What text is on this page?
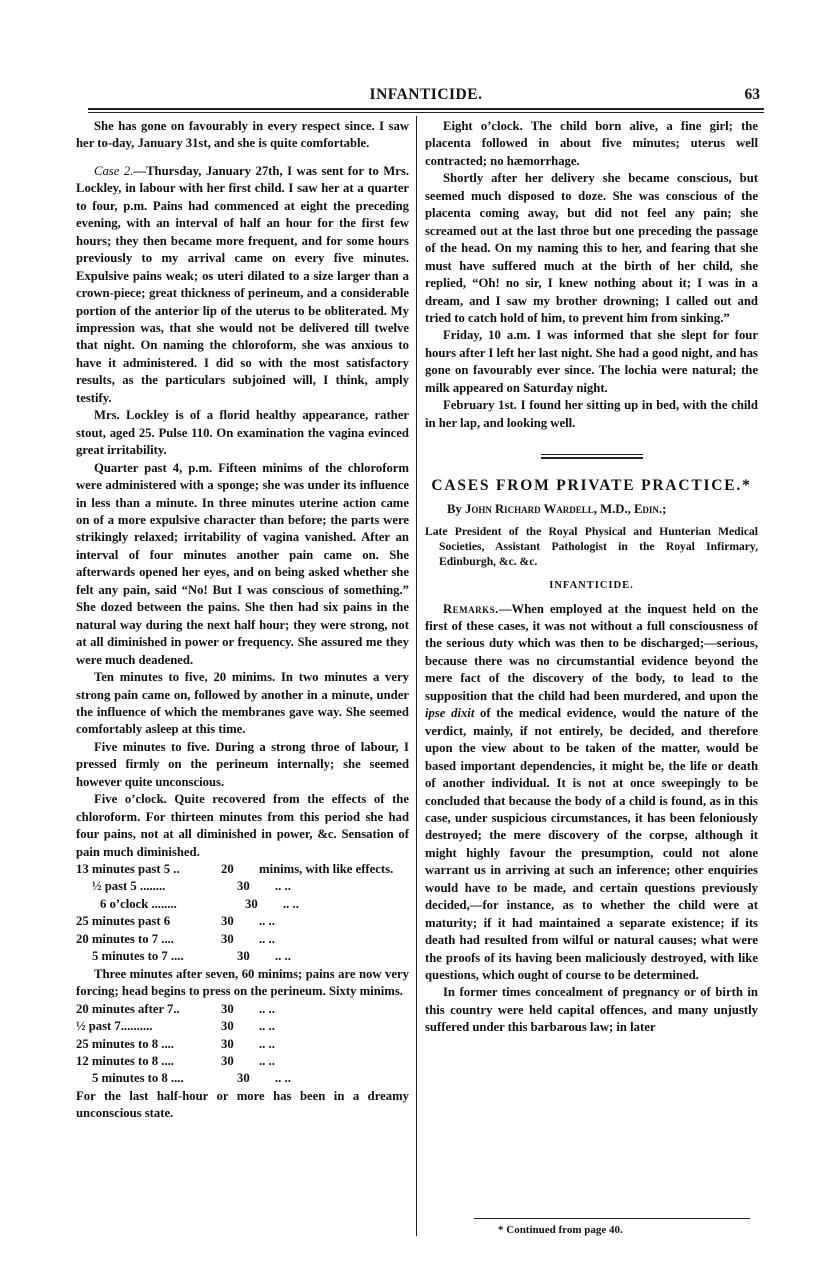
INFANTICIDE.	63

She has gone on favourably in every respect since. I saw her to-day, January 31st, and she is quite comfortable.

Case 2.—Thursday, January 27th, I was sent for to Mrs. Lockley, in labour with her first child. I saw her at a quarter to four, p.m. Pains had commenced at eight the preceding evening, with an interval of half an hour for the first few hours; they then became more frequent, and for some hours previously to my arrival came on every five minutes. Expulsive pains weak; os uteri dilated to a size larger than a crown-piece; great thickness of perineum, and a considerable portion of the anterior lip of the uterus to be obliterated. My impression was, that she would not be delivered till twelve that night. On naming the chloroform, she was anxious to have it administered. I did so with the most satisfactory results, as the particulars subjoined will, I think, amply testify.

Mrs. Lockley is of a florid healthy appearance, rather stout, aged 25. Pulse 110. On examination the vagina evinced great irritability.

Quarter past 4, p.m. Fifteen minims of the chloroform were administered with a sponge; she was under its influence in less than a minute. In three minutes uterine action came on of a more expulsive character than before; the parts were strikingly relaxed; irritability of vagina vanished. After an interval of four minutes another pain came on. She afterwards opened her eyes, and on being asked whether she felt any pain, said “No! But I was conscious of something.” She dozed between the pains. She then had six pains in the natural way during the next half hour; they were strong, not at all diminished in power or frequency. She assured me they were much deadened.

Ten minutes to five, 20 minims. In two minutes a very strong pain came on, followed by another in a minute, under the influence of which the membranes gave way. She seemed comfortably asleep at this time.

Five minutes to five. During a strong throe of labour, I pressed firmly on the perineum internally; she seemed however quite unconscious.

Five o’clock. Quite recovered from the effects of the chloroform. For thirteen minutes from this period she had four pains, not at all diminished in power, &c. Sensation of pain much diminished.

13 minutes past 5 ..	20	minims, with like effects.
½ past 5 ........	30	.. ..
6 o’clock ........	30	.. ..
25 minutes past 6	30	.. ..
20 minutes to 7 ....	30	.. ..
5 minutes to 7 ....	30	.. ..

Three minutes after seven, 60 minims; pains are now very forcing; head begins to press on the perineum. Sixty minims.

20 minutes after 7..	30	.. ..
½ past 7..........	30	.. ..
25 minutes to 8 ....	30	.. ..
12 minutes to 8 ....	30	.. ..
5 minutes to 8 ....	30	.. ..

For the last half-hour or more has been in a dreamy unconscious state.

Eight o’clock. The child born alive, a fine girl; the placenta followed in about five minutes; uterus well contracted; no hæmorrhage.

Shortly after her delivery she became conscious, but seemed much disposed to doze. She was conscious of the placenta coming away, but did not feel any pain; she screamed out at the last throe but one preceding the passage of the head. On my naming this to her, and fearing that she must have suffered much at the birth of her child, she replied, “Oh! no sir, I knew nothing about it; I was in a dream, and I saw my brother drowning; I called out and tried to catch hold of him, to prevent him from sinking.”

Friday, 10 a.m. I was informed that she slept for four hours after I left her last night. She had a good night, and has gone on favourably ever since. The lochia were natural; the milk appeared on Saturday night.

February 1st. I found her sitting up in bed, with the child in her lap, and looking well.

CASES FROM PRIVATE PRACTICE.*
By John Richard Wardell, M.D., Edin.;

Late President of the Royal Physical and Hunterian Medical Societies, Assistant Pathologist in the Royal Infirmary, Edinburgh, &c. &c.

INFANTICIDE.

Remarks.—When employed at the inquest held on the first of these cases, it was not without a full consciousness of the serious duty which was then to be discharged;—serious, because there was no circumstantial evidence beyond the mere fact of the discovery of the body, to lead to the supposition that the child had been murdered, and upon the ipse dixit of the medical evidence, would the nature of the verdict, mainly, if not entirely, be decided, and therefore upon the view about to be taken of the matter, would be based important dependencies, it might be, the life or death of another individual. It is not at once sweepingly to be concluded that because the body of a child is found, as in this case, under suspicious circumstances, it has been feloniously destroyed; the mere discovery of the corpse, although it might highly favour the presumption, could not alone warrant us in arriving at such an inference; other enquiries would have to be made, and certain questions previously decided,—for instance, as to whether the child were at maturity; if it had maintained a separate existence; if its death had resulted from wilful or natural causes; what were the proofs of its having been maliciously destroyed, with like questions, which ought of course to be determined.

In former times concealment of pregnancy or of birth in this country were held capital offences, and many unjustly suffered under this barbarous law; in later

* Continued from page 40.
